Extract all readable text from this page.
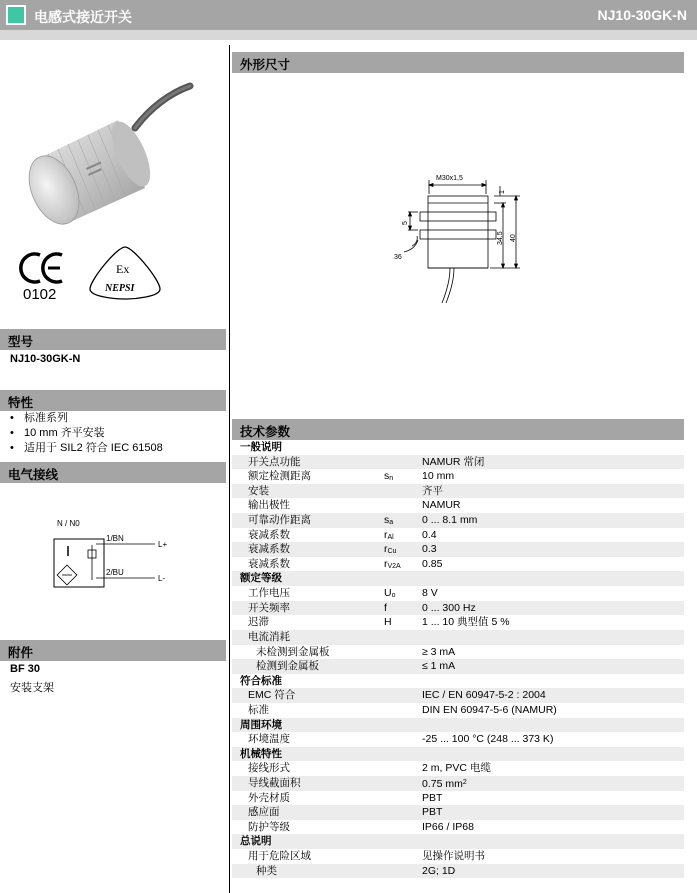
电感式接近开关	NJ10-30GK-N
0102
Ex
NEPSI
型号
NJ10-30GK-N
特性
• 标准系列
• 10 mm 齐平安装
• 适用于 SIL2 符合 IEC 61508
电气接线
N / N0
1/BN
2/BU
L+
L-
附件
BF 30
安装支架
外形尺寸
M30x1,5
1
34,5 40
5
36
技术参数
一般说明
开关点功能	NAMUR 常闭
额定检测距离	$s_n$	10 mm
安装	齐平
输出极性	NAMUR
可靠动作距离	$s_a$	0 ... 8.1 mm
衰减系数	$r_{Al}$	0.4
衰减系数	$r_{Cu}$ 0.3
衰减系数	$r_{V2A}$ 0.85
额定等级
工作电压	$U_o$	8 V
开关频率	f	0 ... 300 Hz
迟滞	H	1 ... 10 典型值 5 %
电流消耗
未检测到金属板	≥ 3 mA
检测到金属板	≤ 1 mA
符合标准
EMC 符合	IEC / EN 60947-5-2 : 2004
标准	DIN EN 60947-5-6 (NAMUR)
周围环境
环境温度	-25 ... 100 °C (248 ... 373 K)
机械特性
接线形式	2 m, PVC 电缆
导线截面积	0.75 $mm^2$
外壳材质	PBT
感应面	PBT
防护等级	IP66 / IP68
总说明
用于危险区域	见操作说明书
种类	2G; 1D
